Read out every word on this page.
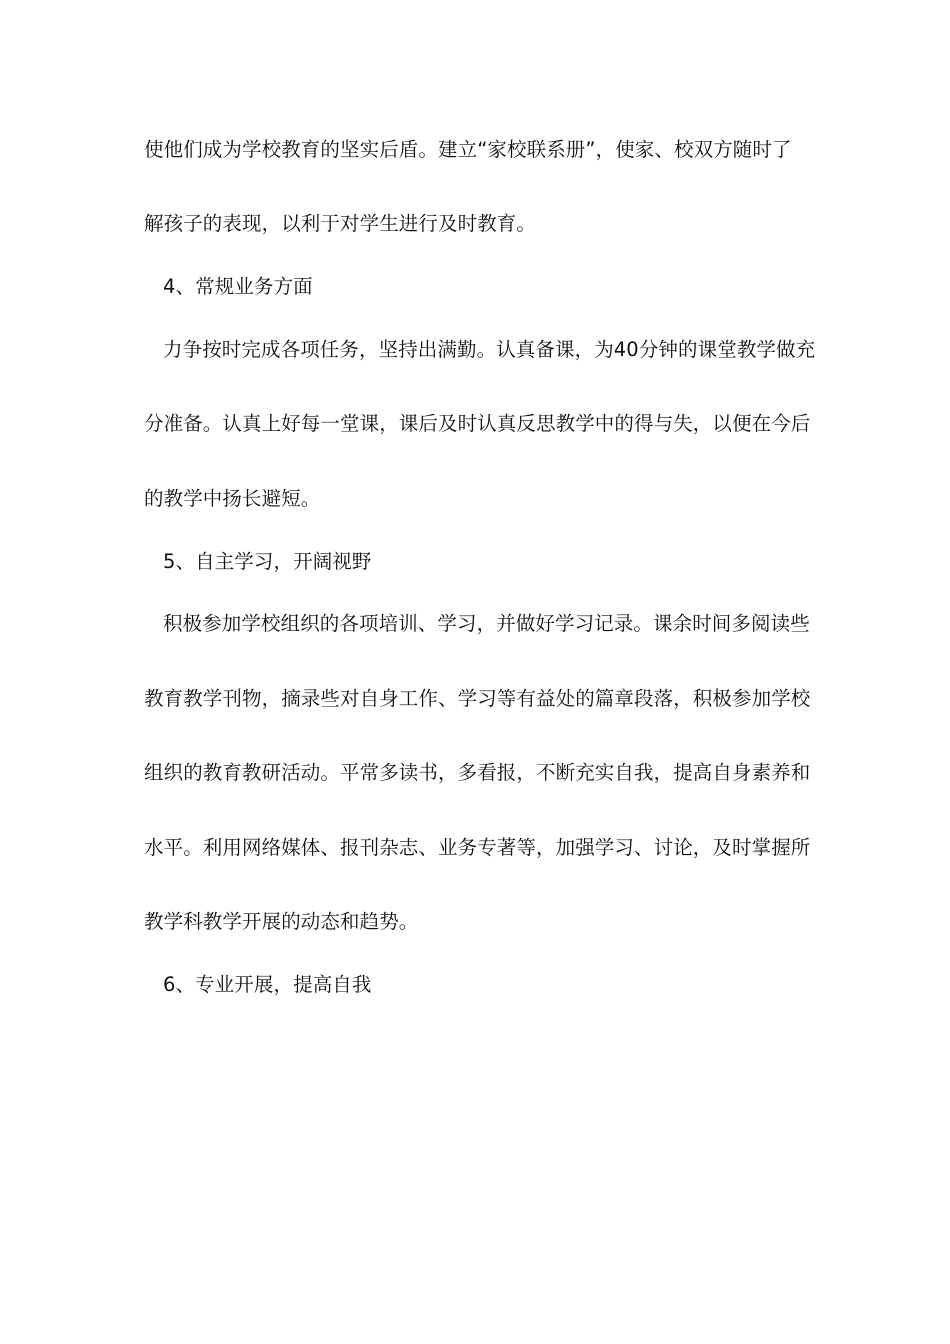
使他们成为学校教育的坚实后盾。建立“家校联系册”，使家、校双方随时了
解孩子的表现，以利于对学生进行及时教育。
4、常规业务方面
力争按时完成各项任务，坚持出满勤。认真备课，为40分钟的课堂教学做充
分准备。认真上好每一堂课，课后及时认真反思教学中的得与失，以便在今后
的教学中扬长避短。
5、自主学习，开阔视野
积极参加学校组织的各项培训、学习，并做好学习记录。课余时间多阅读些
教育教学刊物，摘录些对自身工作、学习等有益处的篇章段落，积极参加学校
组织的教育教研活动。平常多读书，多看报，不断充实自我，提高自身素养和
水平。利用网络媒体、报刊杂志、业务专著等，加强学习、讨论，及时掌握所
教学科教学开展的动态和趋势。
6、专业开展，提高自我
